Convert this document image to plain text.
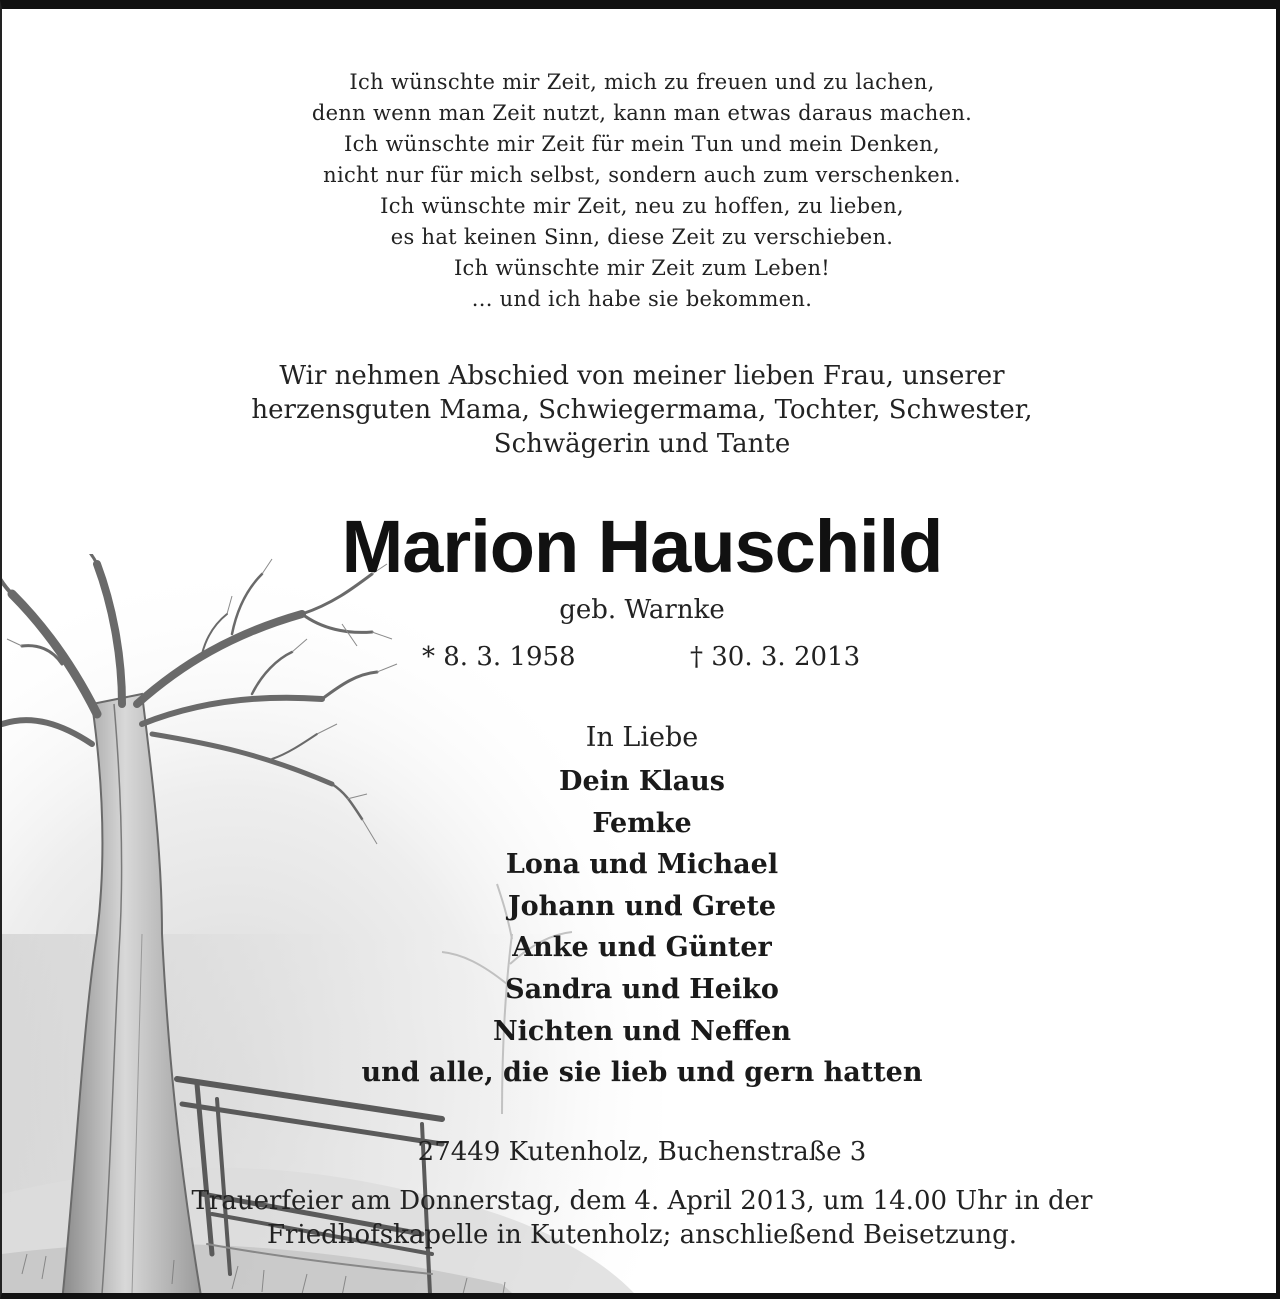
Ich wünschte mir Zeit, mich zu freuen und zu lachen,
denn wenn man Zeit nutzt, kann man etwas daraus machen.
Ich wünschte mir Zeit für mein Tun und mein Denken,
nicht nur für mich selbst, sondern auch zum verschenken.
Ich wünschte mir Zeit, neu zu hoffen, zu lieben,
es hat keinen Sinn, diese Zeit zu verschieben.
Ich wünschte mir Zeit zum Leben!
... und ich habe sie bekommen.
Wir nehmen Abschied von meiner lieben Frau, unserer
herzensguten Mama, Schwiegermama, Tochter, Schwester,
Schwägerin und Tante
Marion Hauschild
geb. Warnke
* 8. 3. 1958	† 30. 3. 2013
In Liebe
Dein Klaus
Femke
Lona und Michael
Johann und Grete
Anke und Günter
Sandra und Heiko
Nichten und Neffen
und alle, die sie lieb und gern hatten
27449 Kutenholz, Buchenstraße 3
Trauerfeier am Donnerstag, dem 4. April 2013, um 14.00 Uhr in der
Friedhofskapelle in Kutenholz; anschließend Beisetzung.
